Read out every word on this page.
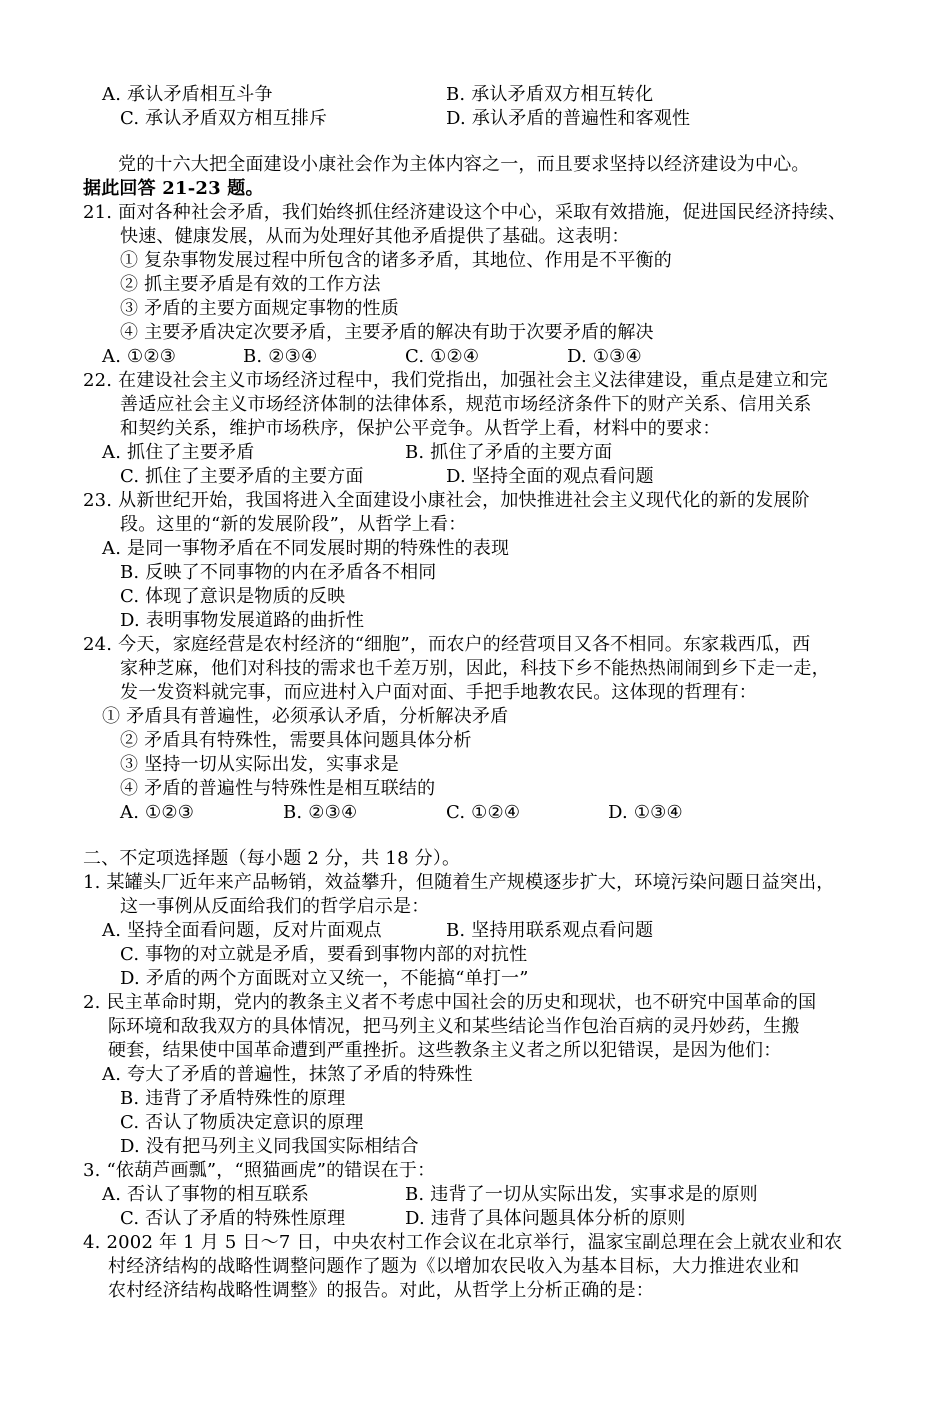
A. 承认矛盾相互斗争	B. 承认矛盾双方相互转化
C. 承认矛盾双方相互排斥	D. 承认矛盾的普遍性和客观性
党的十六大把全面建设小康社会作为主体内容之一，而且要求坚持以经济建设为中心。
据此回答 21-23 题。
21. 面对各种社会矛盾，我们始终抓住经济建设这个中心，采取有效措施，促进国民经济持续、
快速、健康发展，从而为处理好其他矛盾提供了基础。这表明：
① 复杂事物发展过程中所包含的诸多矛盾，其地位、作用是不平衡的
② 抓主要矛盾是有效的工作方法
③ 矛盾的主要方面规定事物的性质
④ 主要矛盾决定次要矛盾，主要矛盾的解决有助于次要矛盾的解决
A. ①②③	B. ②③④	C. ①②④	D. ①③④
22. 在建设社会主义市场经济过程中，我们党指出，加强社会主义法律建设，重点是建立和完
善适应社会主义市场经济体制的法律体系，规范市场经济条件下的财产关系、信用关系
和契约关系，维护市场秩序，保护公平竞争。从哲学上看，材料中的要求：
A. 抓住了主要矛盾	B. 抓住了矛盾的主要方面
C. 抓住了主要矛盾的主要方面	D. 坚持全面的观点看问题
23. 从新世纪开始，我国将进入全面建设小康社会，加快推进社会主义现代化的新的发展阶
段。这里的“新的发展阶段”，从哲学上看：
A. 是同一事物矛盾在不同发展时期的特殊性的表现
B. 反映了不同事物的内在矛盾各不相同
C. 体现了意识是物质的反映
D. 表明事物发展道路的曲折性
24. 今天，家庭经营是农村经济的“细胞”，而农户的经营项目又各不相同。东家栽西瓜，西
家种芝麻，他们对科技的需求也千差万别，因此，科技下乡不能热热闹闹到乡下走一走，
发一发资料就完事，而应进村入户面对面、手把手地教农民。这体现的哲理有：
① 矛盾具有普遍性，必须承认矛盾，分析解决矛盾
② 矛盾具有特殊性，需要具体问题具体分析
③ 坚持一切从实际出发，实事求是
④ 矛盾的普遍性与特殊性是相互联结的
A. ①②③	B. ②③④	C. ①②④	D. ①③④
二、不定项选择题（每小题 2 分，共 18 分）。
1. 某罐头厂近年来产品畅销，效益攀升，但随着生产规模逐步扩大，环境污染问题日益突出，
这一事例从反面给我们的哲学启示是：
A. 坚持全面看问题，反对片面观点	B. 坚持用联系观点看问题
C. 事物的对立就是矛盾，要看到事物内部的对抗性
D. 矛盾的两个方面既对立又统一，不能搞“单打一”
2. 民主革命时期，党内的教条主义者不考虑中国社会的历史和现状，也不研究中国革命的国
际环境和敌我双方的具体情况，把马列主义和某些结论当作包治百病的灵丹妙药，生搬
硬套，结果使中国革命遭到严重挫折。这些教条主义者之所以犯错误，是因为他们：
A. 夸大了矛盾的普遍性，抹煞了矛盾的特殊性
B. 违背了矛盾特殊性的原理
C. 否认了物质决定意识的原理
D. 没有把马列主义同我国实际相结合
3. “依葫芦画瓢”，“照猫画虎”的错误在于：
A. 否认了事物的相互联系	B. 违背了一切从实际出发，实事求是的原则
C. 否认了矛盾的特殊性原理	D. 违背了具体问题具体分析的原则
4. 2002 年 1 月 5 日～7 日，中央农村工作会议在北京举行，温家宝副总理在会上就农业和农
村经济结构的战略性调整问题作了题为《以增加农民收入为基本目标，大力推进农业和
农村经济结构战略性调整》的报告。对此，从哲学上分析正确的是：
